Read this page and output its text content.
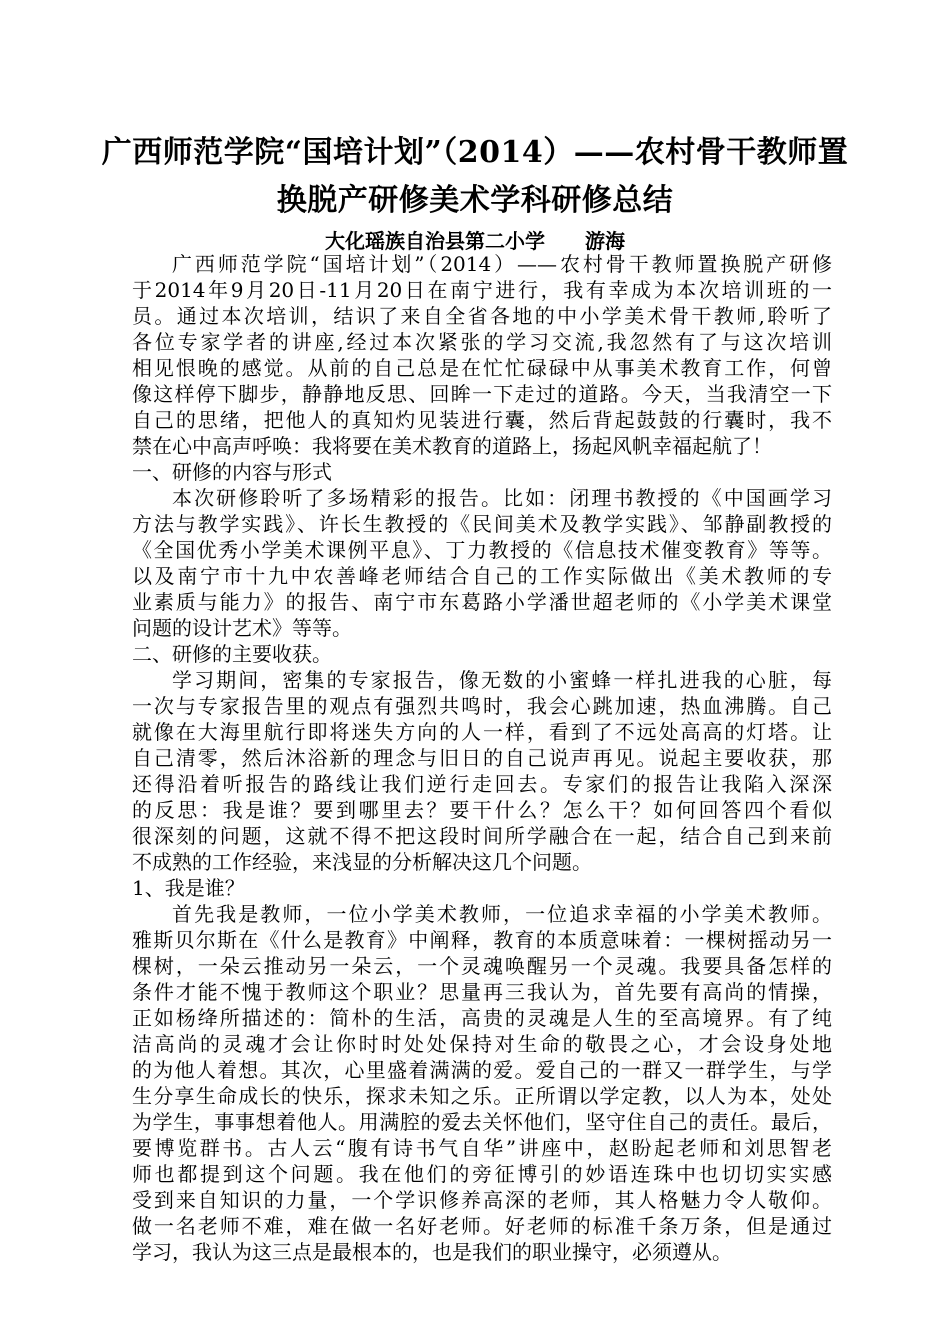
广西师范学院“国培计划”（2014）——农村骨干教师置
换脱产研修美术学科研修总结
大化瑶族自治县第二小学 游海
广西师范学院“国培计划”（2014）——农村骨干教师置换脱产研修
于2014年9月20日-11月20日在南宁进行，我有幸成为本次培训班的一
员。通过本次培训，结识了来自全省各地的中小学美术骨干教师,聆听了
各位专家学者的讲座,经过本次紧张的学习交流,我忽然有了与这次培训
相见恨晚的感觉。从前的自己总是在忙忙碌碌中从事美术教育工作，何曾
像这样停下脚步，静静地反思、回眸一下走过的道路。今天，当我清空一下
自己的思绪，把他人的真知灼见装进行囊，然后背起鼓鼓的行囊时，我不
禁在心中高声呼唤：我将要在美术教育的道路上，扬起风帆幸福起航了！
一、研修的内容与形式
本次研修聆听了多场精彩的报告。比如：闭理书教授的《中国画学习
方法与教学实践》、许长生教授的《民间美术及教学实践》、邹静副教授的
《全国优秀小学美术课例平息》、丁力教授的《信息技术催变教育》等等。
以及南宁市十九中农善峰老师结合自己的工作实际做出《美术教师的专
业素质与能力》的报告、南宁市东葛路小学潘世超老师的《小学美术课堂
问题的设计艺术》等等。
二、研修的主要收获。
学习期间，密集的专家报告，像无数的小蜜蜂一样扎进我的心脏，每
一次与专家报告里的观点有强烈共鸣时，我会心跳加速，热血沸腾。自己
就像在大海里航行即将迷失方向的人一样，看到了不远处高高的灯塔。让
自己清零，然后沐浴新的理念与旧日的自己说声再见。说起主要收获，那
还得沿着听报告的路线让我们逆行走回去。专家们的报告让我陷入深深
的反思：我是谁？要到哪里去？要干什么？怎么干？如何回答四个看似
很深刻的问题，这就不得不把这段时间所学融合在一起，结合自己到来前
不成熟的工作经验，来浅显的分析解决这几个问题。
1、我是谁？
首先我是教师，一位小学美术教师，一位追求幸福的小学美术教师。
雅斯贝尔斯在《什么是教育》中阐释，教育的本质意味着：一棵树摇动另一
棵树，一朵云推动另一朵云，一个灵魂唤醒另一个灵魂。我要具备怎样的
条件才能不愧于教师这个职业？思量再三我认为，首先要有高尚的情操，
正如杨绛所描述的：简朴的生活，高贵的灵魂是人生的至高境界。有了纯
洁高尚的灵魂才会让你时时处处保持对生命的敬畏之心，才会设身处地
的为他人着想。其次，心里盛着满满的爱。爱自己的一群又一群学生，与学
生分享生命成长的快乐，探求未知之乐。正所谓以学定教，以人为本，处处
为学生，事事想着他人。用满腔的爱去关怀他们，坚守住自己的责任。最后，
要博览群书。古人云“腹有诗书气自华”讲座中，赵盼起老师和刘思智老
师也都提到这个问题。我在他们的旁征博引的妙语连珠中也切切实实感
受到来自知识的力量，一个学识修养高深的老师，其人格魅力令人敬仰。
做一名老师不难，难在做一名好老师。好老师的标准千条万条，但是通过
学习，我认为这三点是最根本的，也是我们的职业操守，必须遵从。
